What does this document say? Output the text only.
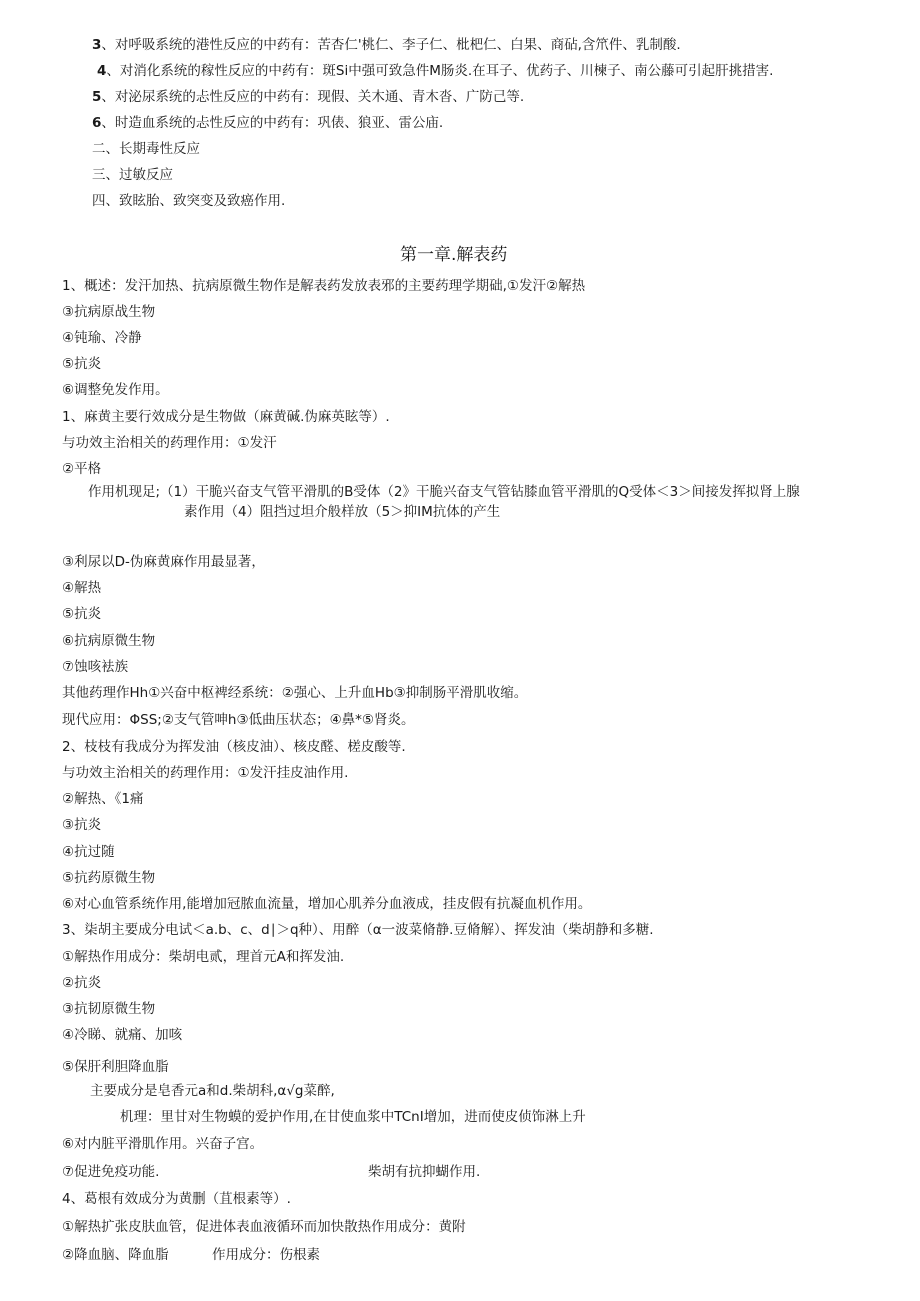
3、对呼吸系统的港性反应的中药有：苦杏仁'桃仁、李子仁、枇杷仁、白果、商砧,含笊件、乳制酸.
4、对消化系统的稼性反应的中药有：斑Si中强可致急件M肠炎.在耳子、优药子、川楝子、南公藤可引起肝挑措害.
5、对泌尿系统的忐性反应的中药有：现假、关木通、青木沓、广防己等.
6、时造血系统的忐性反应的中药有：巩俵、狼亚、雷公庙.
二、长期毒性反应
三、过敏反应
四、致眩胎、致突变及致癌作用.
第一章.解表药
1、概述：发汗加热、抗病原微生物作是解表药发放表邪的主要药理学期础,①发汗②解热
③抗病原战生物
④钝瑜、冷静
⑤抗炎
⑥调整免发作用。
1、麻黄主要行效成分是生物做（麻黄碱.伪麻英眩等）.
与功效主治相关的药理作用：①发汗
②平格
作用机现足;（1）干脆兴奋支气管平滑肌的B受体（2》干脆兴奋支气管钻膝血管平滑肌的Q受体＜3＞间接发挥拟肾上腺
素作用（4）阻挡过坦介般样放（5＞抑IM抗体的产生
③利尿以D-伪麻黄麻作用最显著，
④解热
⑤抗炎
⑥抗病原微生物
⑦蚀咳袪族
其他药理作Hh①兴奋中枢裨经系统：②强心、上升血Hb③抑制肠平滑肌收缩。
现代应用：ΦSS;②支气管呻h③低曲压状态；④鼻*⑤肾炎。
2、枝枝有我成分为挥发油（核皮油）、核皮醛、槎皮酸等.
与功效主治相关的药理作用：①发汗挂皮油作用.
②解热、《1痛
③抗炎
④抗过随
⑤抗药原微生物
⑥对心血管系统作用,能增加冠脓血流量，增加心肌养分血液成，挂皮假有抗凝血机作用。
3、柒胡主要成分电试＜a.b、c、d∣＞q种）、用醉（α一波菜脩静.豆脩解）、挥发油（柴胡静和多糖.
①解热作用成分：柴胡电贰，理首元A和挥发油.
②抗炎
③抗韧原微生物
④冷睇、就痛、加咳
⑤保肝利胆降血脂
主要成分是皂香元a和d.柴胡科,α√g菜醉,
机理：里甘对生物蟆的爱护作用,在甘使血浆中TCnI增加，进而使皮侦饰淋上升
⑥对内脏平滑肌作用。兴奋子宫。
⑦促进免疫功能.	柴胡有抗抑蝴作用.
4、葛根有效成分为黄删（苴根素等）.
①解热扩张皮肤血管，促进体表血液循环而加快散热作用成分：黄附
②降血脑、降血脂	作用成分：伤根素
